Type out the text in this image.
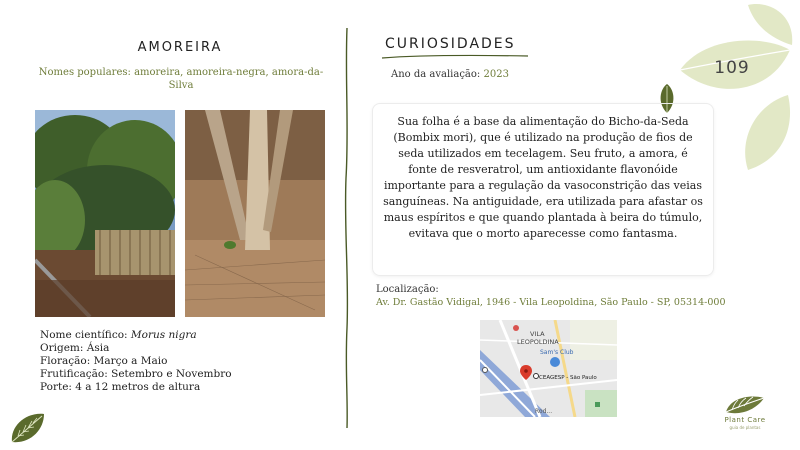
AMOREIRA
Nomes populares: amoreira, amoreira-negra, amora-da-Silva
Nome científico: Morus nigra
Origem: Ásia
Floração: Março a Maio
Frutificação: Setembro e Novembro
Porte: 4 a 12 metros de altura
CURIOSIDADES
Ano da avaliação: 2023	109
Sua folha é a base da alimentação do Bicho-da-Seda (Bombix mori), que é utilizado na produção de fios de seda utilizados em tecelagem. Seu fruto, a amora, é fonte de resveratrol, um antioxidante flavonóide importante para a regulação da vasoconstrição das veias sanguíneas. Na antiguidade, era utilizada para afastar os maus espíritos e que quando plantada à beira do túmulo, evitava que o morto aparecesse como fantasma.
Localização:
Av. Dr. Gastão Vidigal, 1946 - Vila Leopoldina, São Paulo - SP, 05314-000
VILA
LEOPOLDINA
Sam's Club
CEAGESP - São Paulo
Rod...
Plant Care
guia de plantas
